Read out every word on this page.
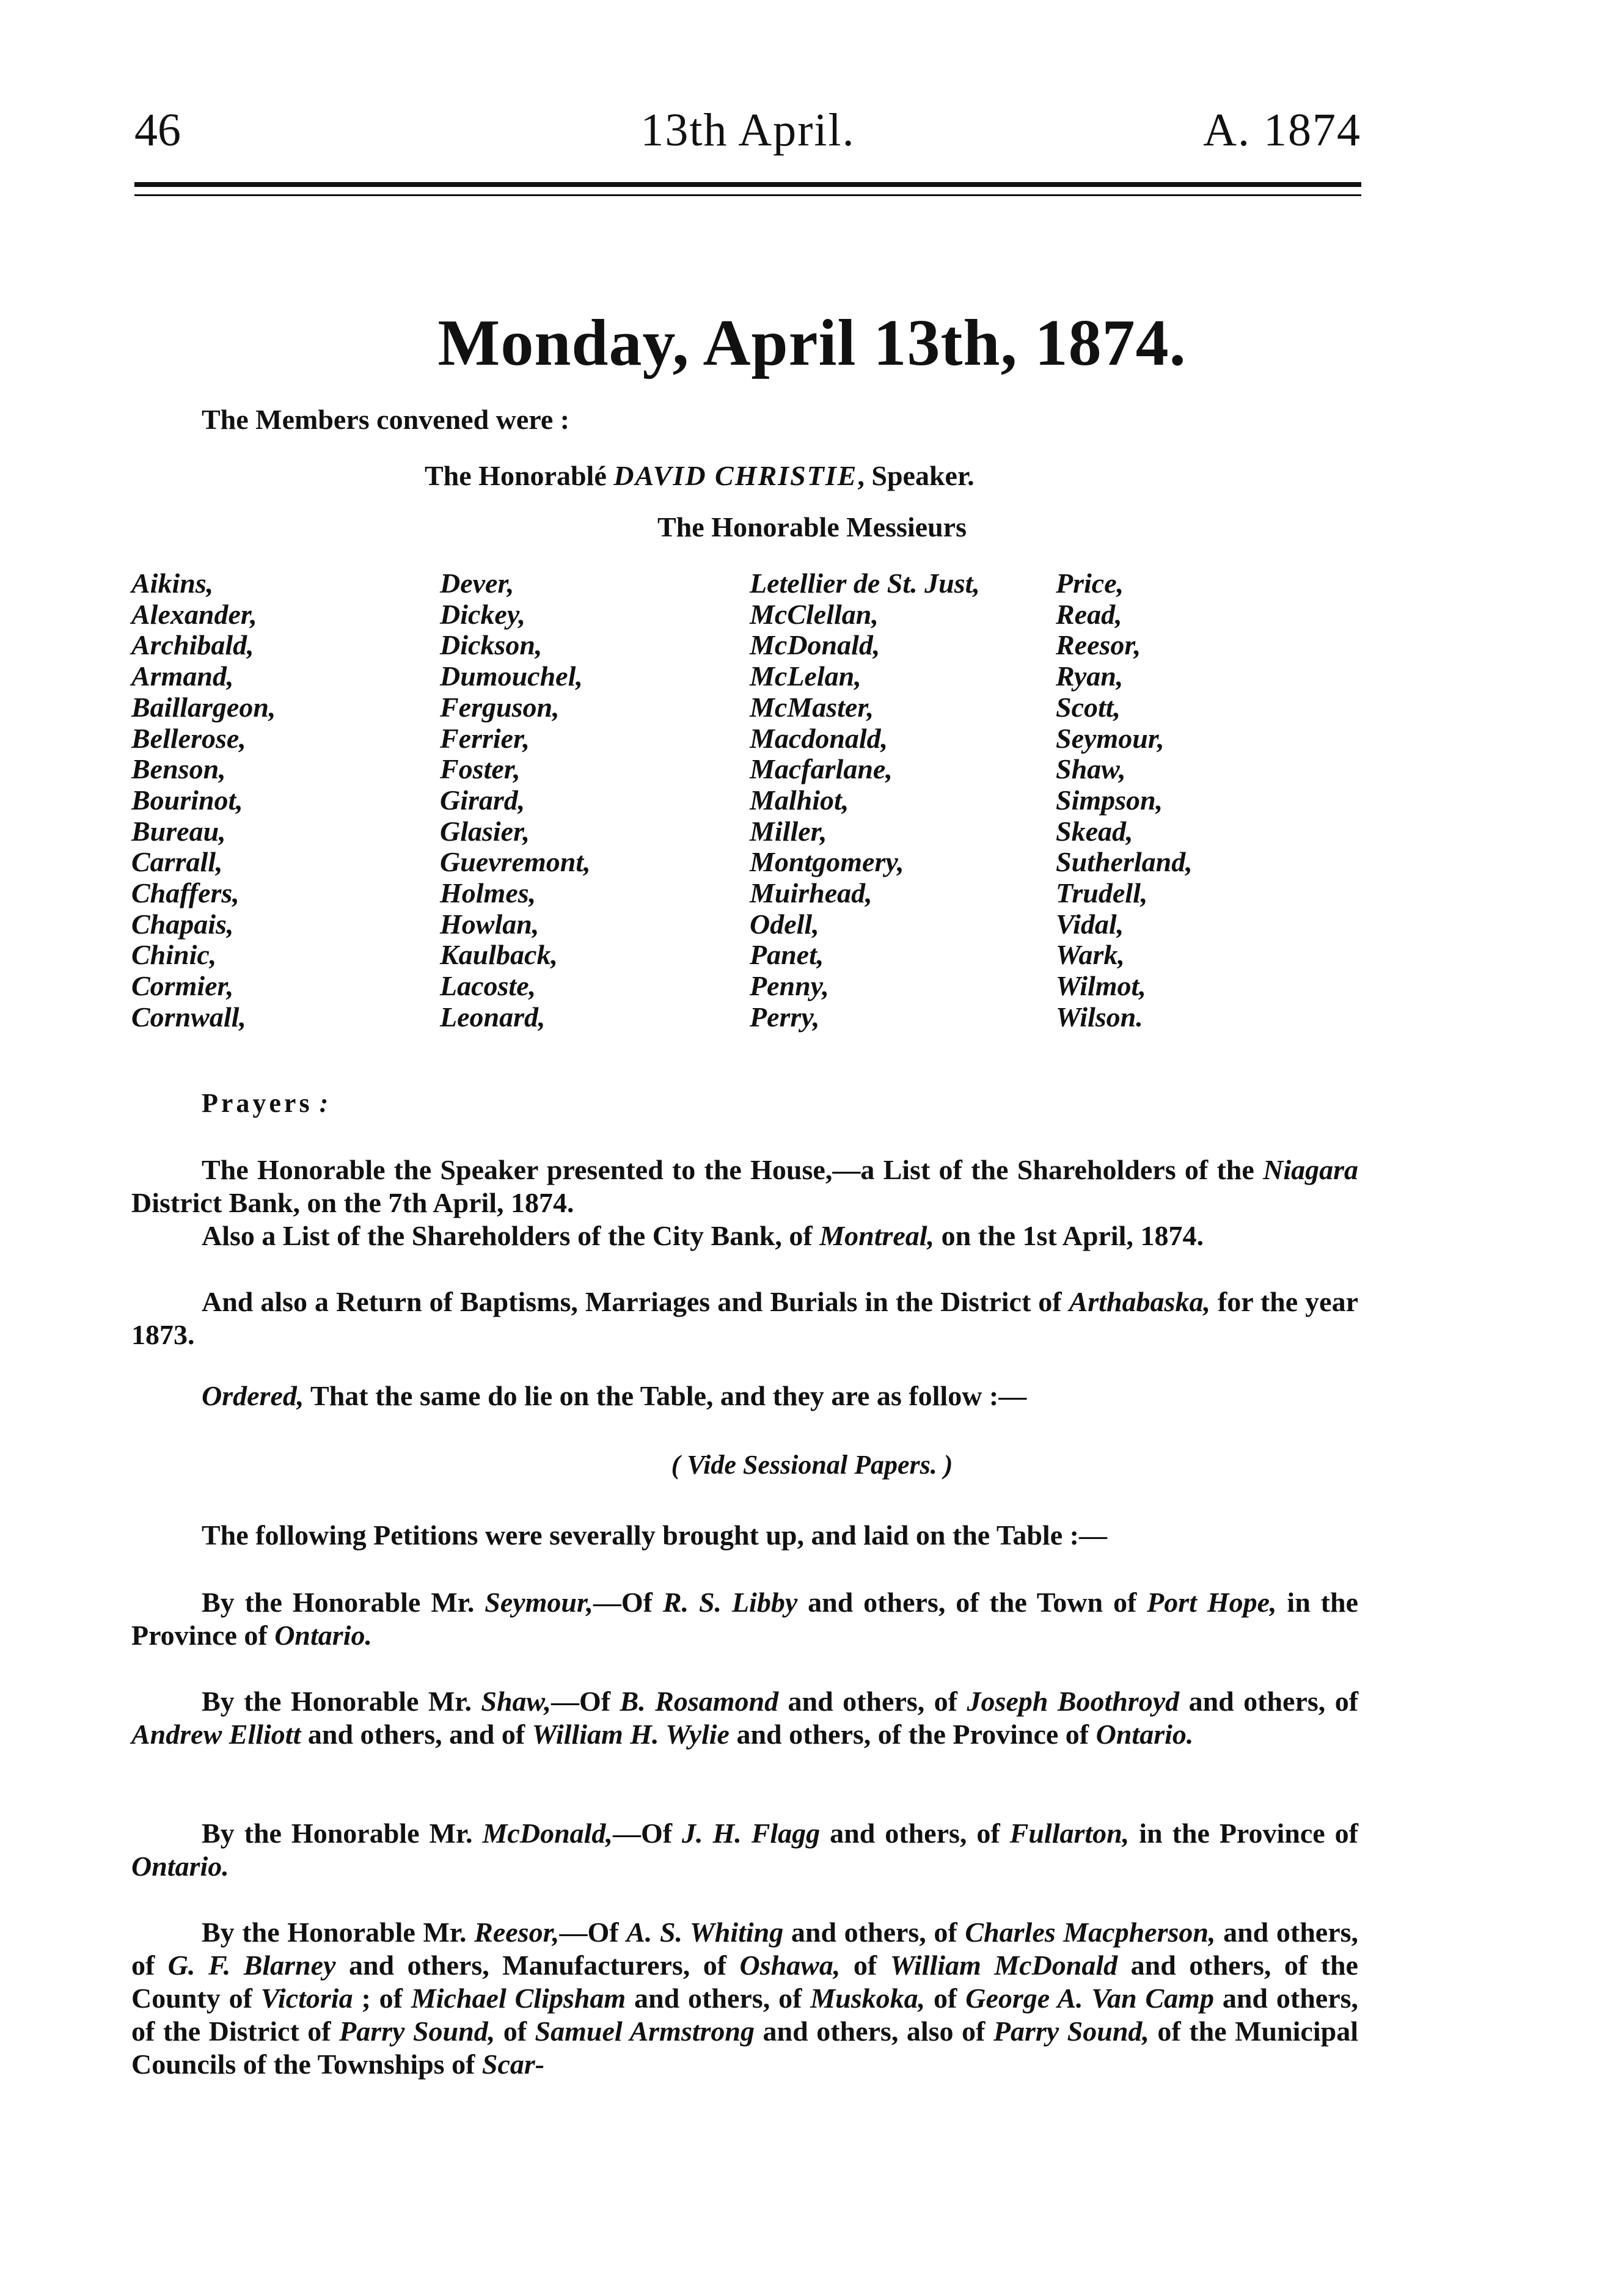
46	13th April.	A. 1874
Monday, April 13th, 1874.
The Members convened were :
The Honorablé DAVID CHRISTIE, Speaker.
The Honorable Messieurs
Aikins,
Alexander,
Archibald,
Armand,
Baillargeon,
Bellerose,
Benson,
Bourinot,
Bureau,
Carrall,
Chaffers,
Chapais,
Chinic,
Cormier,
Cornwall,
Dever,
Dickey,
Dickson,
Dumouchel,
Ferguson,
Ferrier,
Foster,
Girard,
Glasier,
Guevremont,
Holmes,
Howlan,
Kaulback,
Lacoste,
Leonard,
Letellier de St. Just,
McClellan,
McDonald,
McLelan,
McMaster,
Macdonald,
Macfarlane,
Malhiot,
Miller,
Montgomery,
Muirhead,
Odell,
Panet,
Penny,
Perry,
Price,
Read,
Reesor,
Ryan,
Scott,
Seymour,
Shaw,
Simpson,
Skead,
Sutherland,
Trudell,
Vidal,
Wark,
Wilmot,
Wilson.
Prayers :
The Honorable the Speaker presented to the House,—a List of the Shareholders of the Niagara District Bank, on the 7th April, 1874.
Also a List of the Shareholders of the City Bank, of Montreal, on the 1st April, 1874.
And also a Return of Baptisms, Marriages and Burials in the District of Arthabaska, for the year 1873.
Ordered, That the same do lie on the Table, and they are as follow :—
( Vide Sessional Papers. )
The following Petitions were severally brought up, and laid on the Table :—
By the Honorable Mr. Seymour,—Of R. S. Libby and others, of the Town of Port Hope, in the Province of Ontario.
By the Honorable Mr. Shaw,—Of B. Rosamond and others, of Joseph Boothroyd and others, of Andrew Elliott and others, and of William H. Wylie and others, of the Province of Ontario.
By the Honorable Mr. McDonald,—Of J. H. Flagg and others, of Fullarton, in the Province of Ontario.
By the Honorable Mr. Reesor,—Of A. S. Whiting and others, of Charles Macpherson, and others, of G. F. Blarney and others, Manufacturers, of Oshawa, of William McDonald and others, of the County of Victoria ; of Michael Clipsham and others, of Muskoka, of George A. Van Camp and others, of the District of Parry Sound, of Samuel Armstrong and others, also of Parry Sound, of the Municipal Councils of the Townships of Scar-
